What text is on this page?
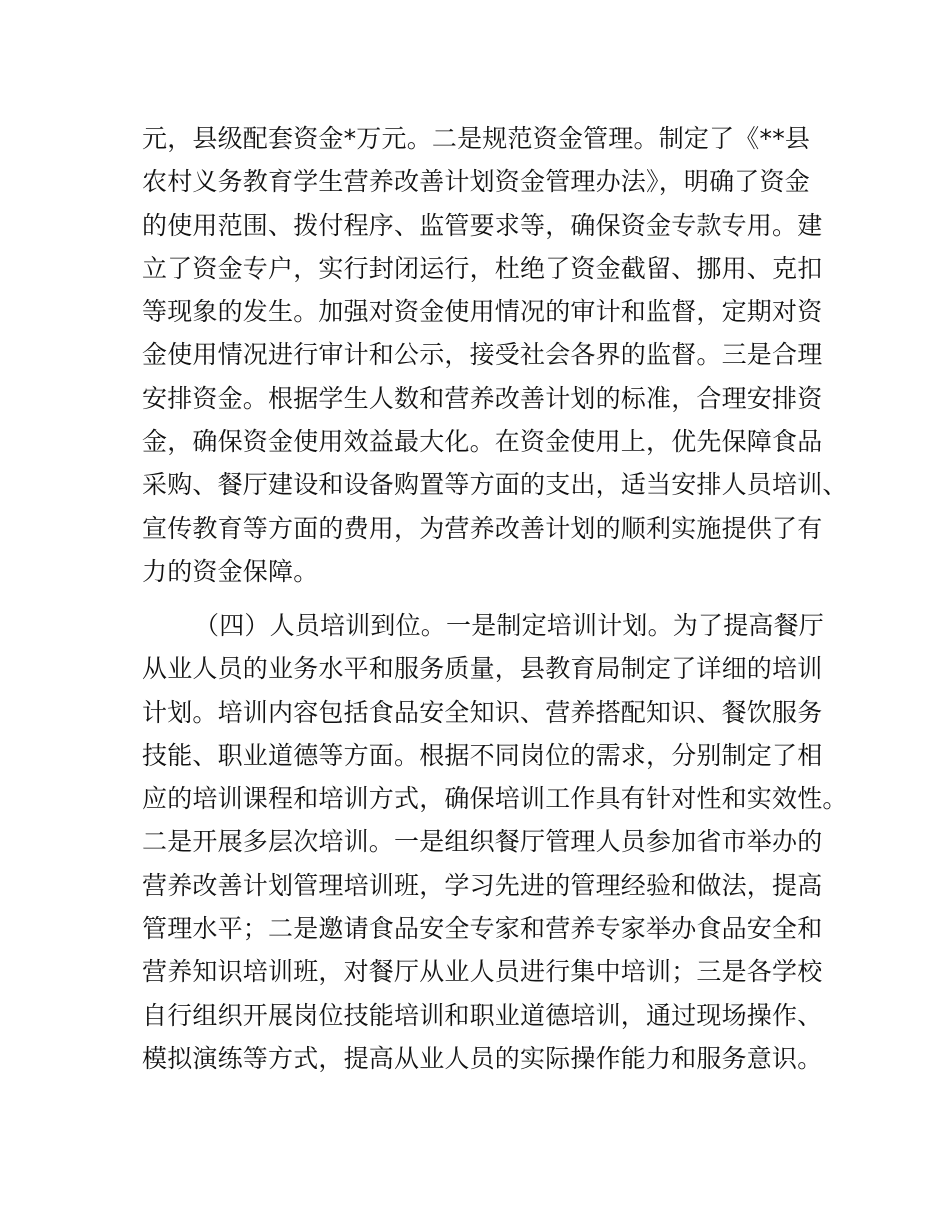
元，县级配套资金*万元。二是规范资金管理。制定了《**县
农村义务教育学生营养改善计划资金管理办法》，明确了资金
的使用范围、拨付程序、监管要求等，确保资金专款专用。建
立了资金专户，实行封闭运行，杜绝了资金截留、挪用、克扣
等现象的发生。加强对资金使用情况的审计和监督，定期对资
金使用情况进行审计和公示，接受社会各界的监督。三是合理
安排资金。根据学生人数和营养改善计划的标准，合理安排资
金，确保资金使用效益最大化。在资金使用上，优先保障食品
采购、餐厅建设和设备购置等方面的支出，适当安排人员培训、
宣传教育等方面的费用，为营养改善计划的顺利实施提供了有
力的资金保障。
（四）人员培训到位。一是制定培训计划。为了提高餐厅
从业人员的业务水平和服务质量，县教育局制定了详细的培训
计划。培训内容包括食品安全知识、营养搭配知识、餐饮服务
技能、职业道德等方面。根据不同岗位的需求，分别制定了相
应的培训课程和培训方式，确保培训工作具有针对性和实效性。
二是开展多层次培训。一是组织餐厅管理人员参加省市举办的
营养改善计划管理培训班，学习先进的管理经验和做法，提高
管理水平；二是邀请食品安全专家和营养专家举办食品安全和
营养知识培训班，对餐厅从业人员进行集中培训；三是各学校
自行组织开展岗位技能培训和职业道德培训，通过现场操作、
模拟演练等方式，提高从业人员的实际操作能力和服务意识。
